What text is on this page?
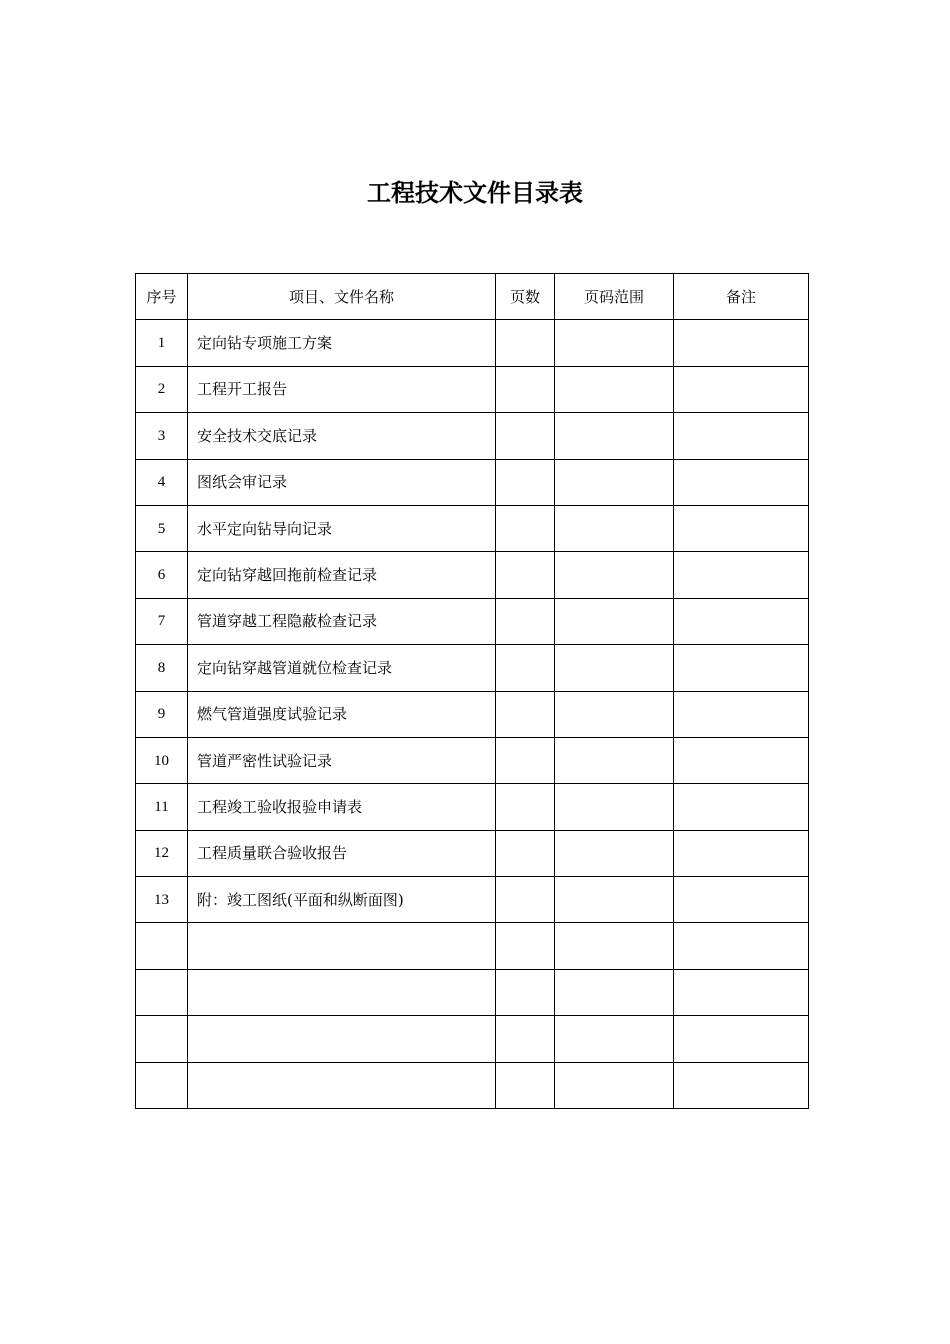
工程技术文件目录表
序号	项目、文件名称	页数	页码范围	备注
1	定向钻专项施工方案			
2	工程开工报告			
3	安全技术交底记录			
4	图纸会审记录			
5	水平定向钻导向记录			
6	定向钻穿越回拖前检查记录			
7	管道穿越工程隐蔽检查记录			
8	定向钻穿越管道就位检查记录			
9	燃气管道强度试验记录			
10	管道严密性试验记录			
11	工程竣工验收报验申请表			
12	工程质量联合验收报告			
13	附：竣工图纸(平面和纵断面图)			
